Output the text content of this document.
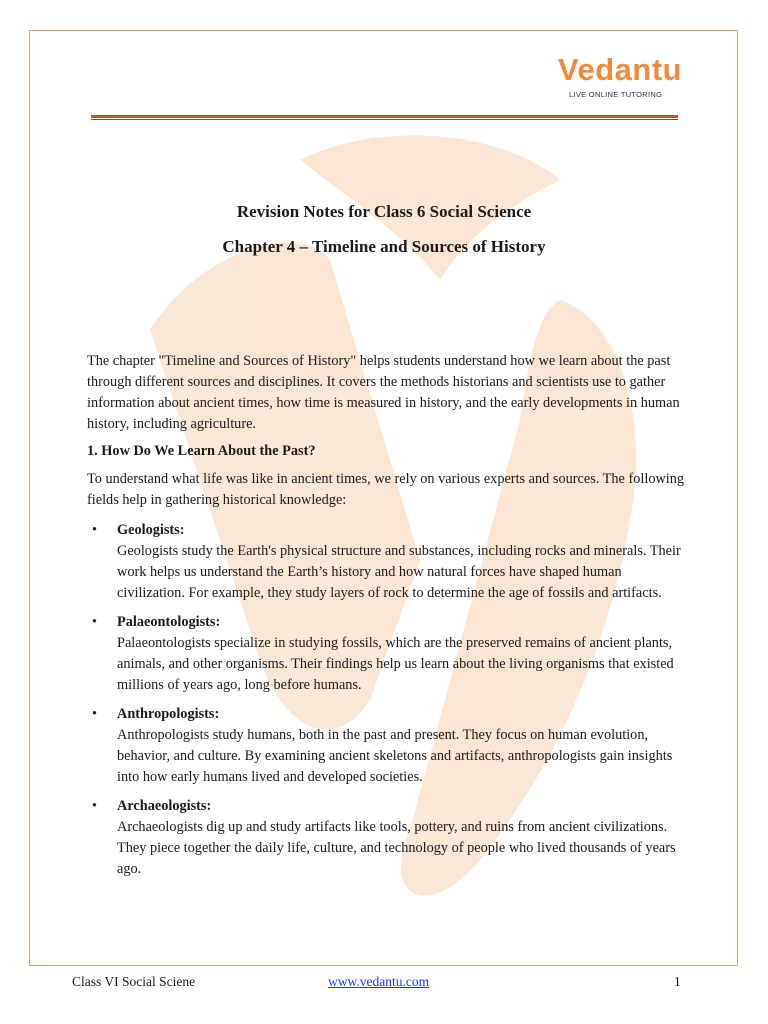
Vedantu
LIVE ONLINE TUTORING
Revision Notes for Class 6 Social Science
Chapter 4 – Timeline and Sources of History

The chapter "Timeline and Sources of History" helps students understand how we learn about the past through different sources and disciplines. It covers the methods historians and scientists use to gather information about ancient times, how time is measured in history, and the early developments in human history, including agriculture.

1. How Do We Learn About the Past?

To understand what life was like in ancient times, we rely on various experts and sources. The following fields help in gathering historical knowledge:

• Geologists:
Geologists study the Earth's physical structure and substances, including rocks and minerals. Their work helps us understand the Earth’s history and how natural forces have shaped human civilization. For example, they study layers of rock to determine the age of fossils and artifacts.
• Palaeontologists:
Palaeontologists specialize in studying fossils, which are the preserved remains of ancient plants, animals, and other organisms. Their findings help us learn about the living organisms that existed millions of years ago, long before humans.
• Anthropologists:
Anthropologists study humans, both in the past and present. They focus on human evolution, behavior, and culture. By examining ancient skeletons and artifacts, anthropologists gain insights into how early humans lived and developed societies.
• Archaeologists:
Archaeologists dig up and study artifacts like tools, pottery, and ruins from ancient civilizations. They piece together the daily life, culture, and technology of people who lived thousands of years ago.
Class VI Social Sciene	www.vedantu.com	1
